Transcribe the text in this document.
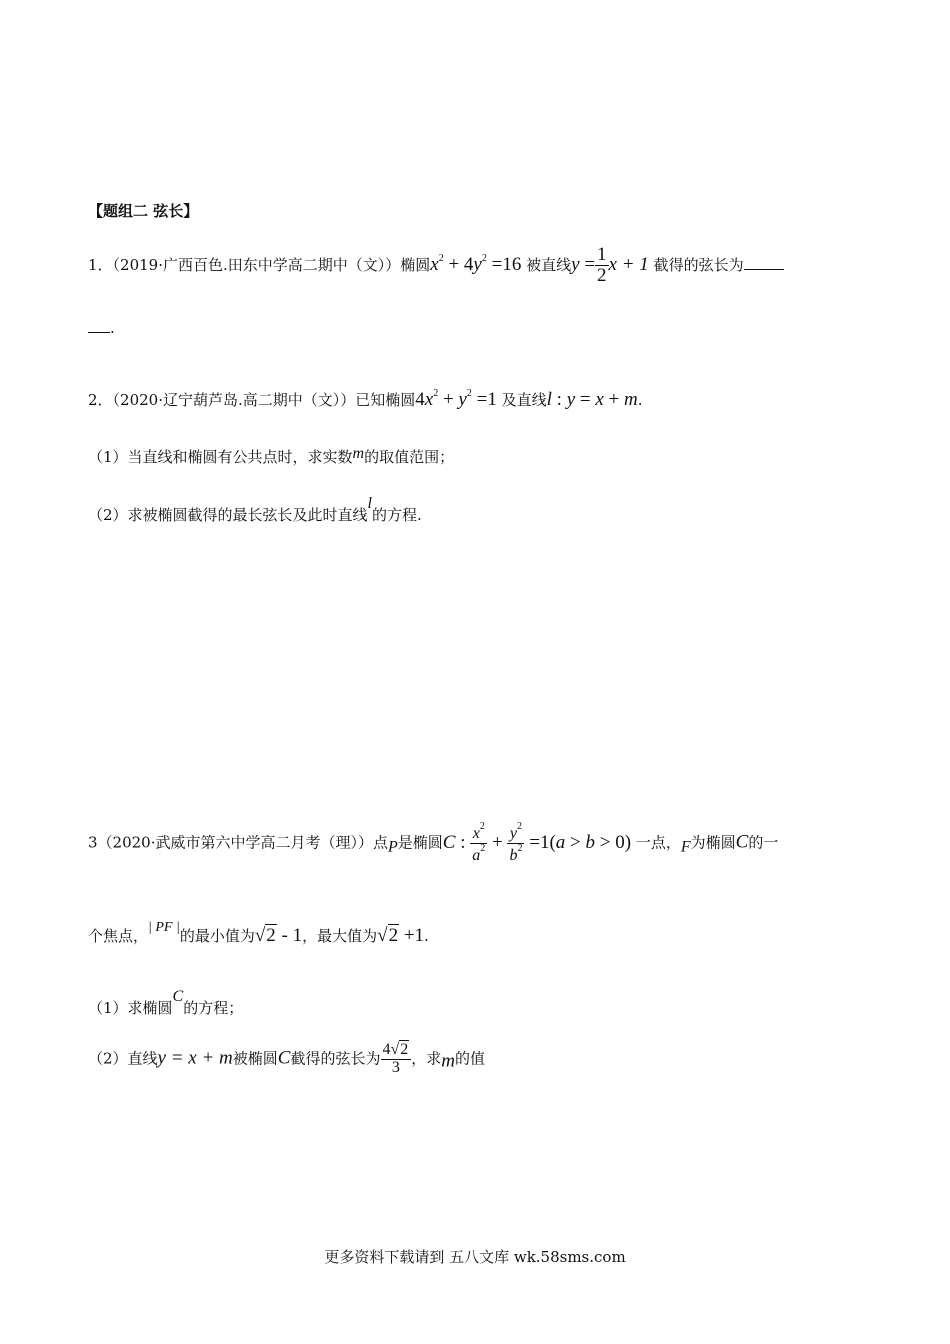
【题组二 弦长】
1．（2019·广西百色.田东中学高二期中（文））椭圆$x^2 + 4y^2 =16$ 被直线$y = \frac{1}{2}$ x + 1 截得的弦长为
.
2．（2020·辽宁葫芦岛.高二期中（文））已知椭圆$4x^2 + y^2 =1$ 及直线l : y = x + m.
（1）当直线和椭圆有公共点时，求实数m的取值范围；
（2）求被椭圆截得的最长弦长及此时直线l的方程.
3（2020·武威市第六中学高二月考（理））点P是椭圆C : $\frac{x^2}{a^2} + \frac{y^2}{b^2} =1(a > b > 0)$ 一点，F为椭圆C的一
个焦点，| PF |的最小值为√2 - 1，最大值为√2 +1.
（1）求椭圆C的方程；
（2）直线y = x + m被椭圆C截得的弦长为 $\frac{4√2}{3}$ ，求m的值
更多资料下载请到 五八文库 wk.58sms.com
